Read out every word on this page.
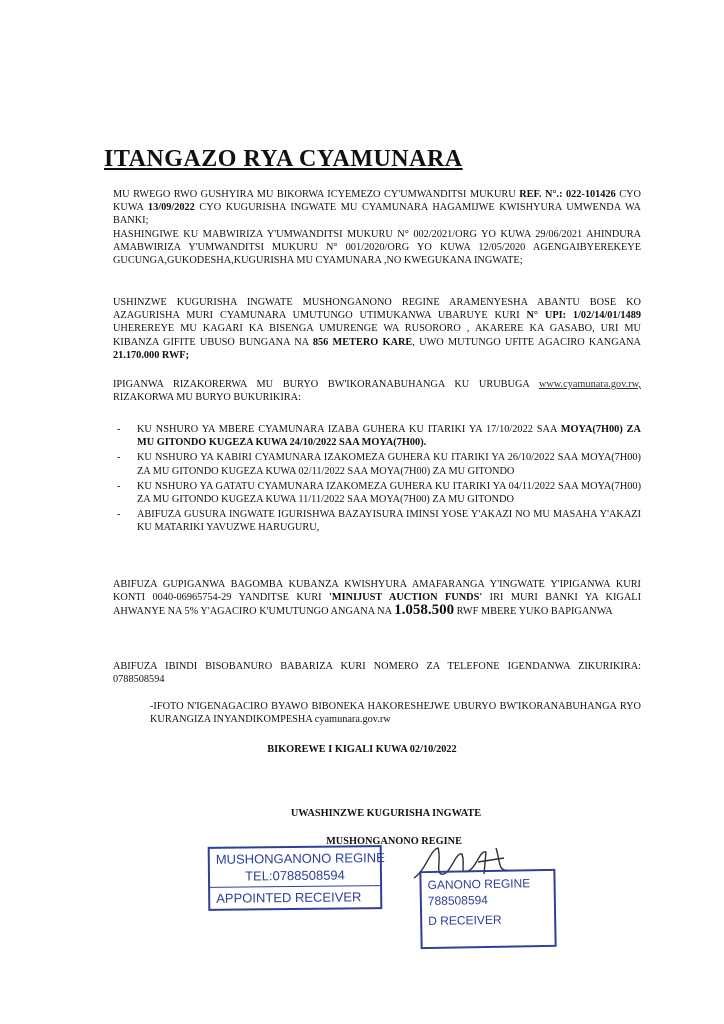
ITANGAZO RYA CYAMUNARA

MU RWEGO RWO GUSHYIRA MU BIKORWA ICYEMEZO CY'UMWANDITSI MUKURU REF. N°.: 022-101426 CYO KUWA 13/09/2022 CYO KUGURISHA INGWATE MU CYAMUNARA HAGAMIJWE KWISHYURA UMWENDA WA BANKI;

HASHINGIWE KU MABWIRIZA Y'UMWANDITSI MUKURU N° 002/2021/ORG YO KUWA 29/06/2021 AHINDURA AMABWIRIZA Y'UMWANDITSI MUKURU N° 001/2020/ORG YO KUWA 12/05/2020 AGENGAIBYEREKEYE GUCUNGA,GUKODESHA,KUGURISHA MU CYAMUNARA ,NO KWEGUKANA INGWATE;

USHINZWE KUGURISHA INGWATE MUSHONGANONO REGINE ARAMENYESHA ABANTU BOSE KO AZAGURISHA MURI CYAMUNARA UMUTUNGO UTIMUKANWA UBARUYE KURI N° UPI: 1/02/14/01/1489 UHEREREYE MU KAGARI KA BISENGA UMURENGE WA RUSORORO , AKARERE KA GASABO, URI MU KIBANZA GIFITE UBUSO BUNGANA NA 856 METERO KARE, UWO MUTUNGO UFITE AGACIRO KANGANA 21.170.000 RWF;

IPIGANWA RIZAKORERWA MU BURYO BW'IKORANABUHANGA KU URUBUGA www.cyamunara.gov.rw, RIZAKORWA MU BURYO BUKURIKIRA:

- KU NSHURO YA MBERE CYAMUNARA IZABA GUHERA KU ITARIKI YA 17/10/2022 SAA MOYA(7H00) ZA MU GITONDO KUGEZA KUWA 24/10/2022 SAA MOYA(7H00).
- KU NSHURO YA KABIRI CYAMUNARA IZAKOMEZA GUHERA KU ITARIKI YA 26/10/2022 SAA MOYA(7H00) ZA MU GITONDO KUGEZA KUWA 02/11/2022 SAA MOYA(7H00) ZA MU GITONDO
- KU NSHURO YA GATATU CYAMUNARA IZAKOMEZA GUHERA KU ITARIKI YA 04/11/2022 SAA MOYA(7H00) ZA MU GITONDO KUGEZA KUWA 11/11/2022 SAA MOYA(7H00) ZA MU GITONDO
- ABIFUZA GUSURA INGWATE IGURISHWA BAZAYISURA IMINSI YOSE Y'AKAZI NO MU MASAHA Y'AKAZI KU MATARIKI YAVUZWE HARUGURU,

ABIFUZA GUPIGANWA BAGOMBA KUBANZA KWISHYURA AMAFARANGA Y'INGWATE Y'IPIGANWA KURI KONTI 0040-06965754-29 YANDITSE KURI 'MINIJUST AUCTION FUNDS' IRI MURI BANKI YA KIGALI AHWANYE NA 5% Y'AGACIRO K'UMUTUNGO ANGANA NA 1.058.500 RWF MBERE YUKO BAPIGANWA

ABIFUZA IBINDI BISOBANURO BABARIZA KURI NOMERO ZA TELEFONE IGENDANWA ZIKURIKIRA: 0788508594

-IFOTO N'IGENAGACIRO BYAWO BIBONEKA HAKORESHEJWE UBURYO BW'IKORANABUHANGA RYO KURANGIZA INYANDIKOMPESHA cyamunara.gov.rw

BIKOREWE I KIGALI KUWA 02/10/2022
UWASHINZWE KUGURISHA INGWATE
MUSHONGANONO REGINE
MUSHONGANONO REGINE
TEL:0788508594
APPOINTED RECEIVER
GANONO REGINE
788508594
D RECEIVER
